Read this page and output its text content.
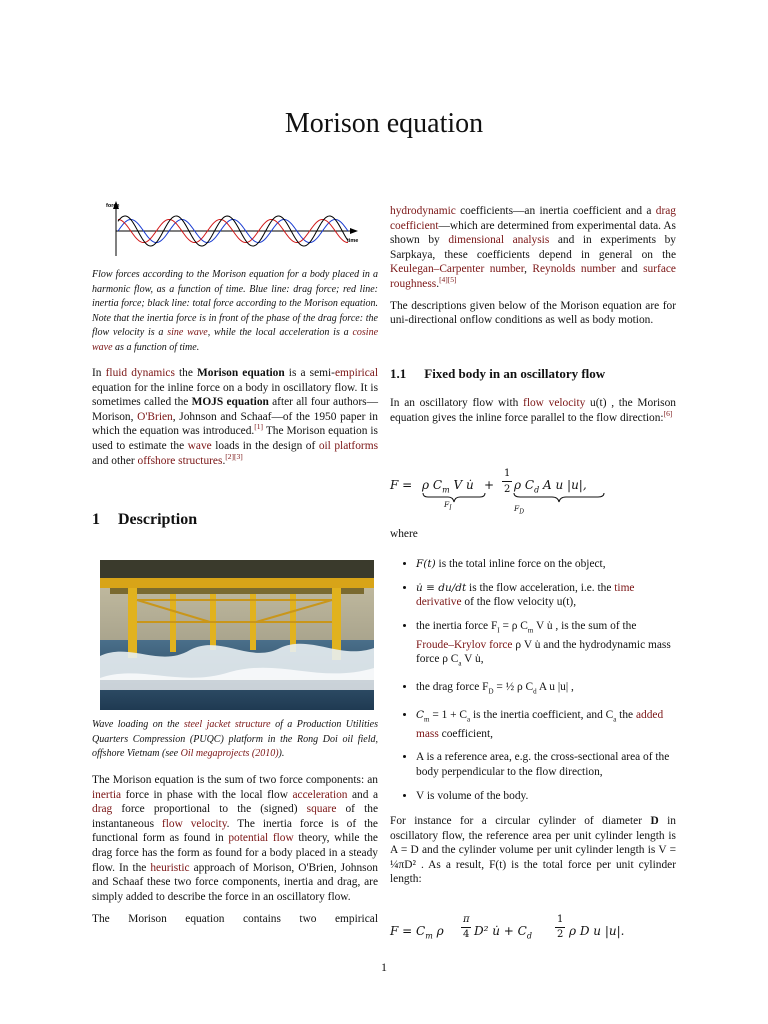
Morison equation
force
time
Flow forces according to the Morison equation for a body placed in a harmonic flow, as a function of time. Blue line: drag force; red line: inertia force; black line: total force according to the Morison equation. Note that the inertia force is in front of the phase of the drag force: the flow velocity is a sine wave, while the local acceleration is a cosine wave as a function of time.

In fluid dynamics the Morison equation is a semi-empirical equation for the inline force on a body in oscillatory flow. It is sometimes called the MOJS equation after all four authors—Morison, O'Brien, Johnson and Schaaf—of the 1950 paper in which the equation was introduced.[1] The Morison equation is used to estimate the wave loads in the design of oil platforms and other offshore structures.[2][3]

1 Description
Wave loading on the steel jacket structure of a Production Utilities Quarters Compression (PUQC) platform in the Rong Doi oil field, offshore Vietnam (see Oil megaprojects (2010)).

The Morison equation is the sum of two force components: an inertia force in phase with the local flow acceleration and a drag force proportional to the (signed) square of the instantaneous flow velocity. The inertia force is of the functional form as found in potential flow theory, while the drag force has the form as found for a body placed in a steady flow. In the heuristic approach of Morison, O'Brien, Johnson and Schaaf these two force components, inertia and drag, are simply added to describe the force in an oscillatory flow.

The Morison equation contains two empirical

hydrodynamic coefficients—an inertia coefficient and a drag coefficient—which are determined from experimental data. As shown by dimensional analysis and in experiments by Sarpkaya, these coefficients depend in general on the Keulegan–Carpenter number, Reynolds number and surface roughness.[4][5]

The descriptions given below of the Morison equation are for uni-directional onflow conditions as well as body motion.

1.1 Fixed body in an oscillatory flow

In an oscillatory flow with flow velocity u(t) , the Morison equation gives the inline force parallel to the flow direction:[6]

F = ρ $C_m$ V u̇ +
1
2 ρ $C_d$ A u |u|,
$F_I$	$F_D$
where
• F(t) is the total inline force on the object,
• u̇ ≡ du/dt is the flow acceleration, i.e. the time derivative of the flow velocity u(t),
• the inertia force $F_I = \rho$ $C_m$ V u̇ , is the sum of the Froude–Krylov force ρ V u̇ and the hydrodynamic mass force ρ $C_a$ V u̇,
• the drag force $F_D$ = ½ ρ $C_d$ A u |u| ,
• $C_m = 1 + C_a$ is the inertia coefficient, and $C_a$ the added mass coefficient,
• A is a reference area, e.g. the cross-sectional area of the body perpendicular to the flow direction,
• V is volume of the body.

For instance for a circular cylinder of diameter D in oscillatory flow, the reference area per unit cylinder length is A = D and the cylinder volume per unit cylinder length is V = ¼πD² . As a result, F(t) is the total force per unit cylinder length:

$F = C_m$ ρ
π
4 D² u̇ + $C_d$
1
2 ρ D u |u|.
1
